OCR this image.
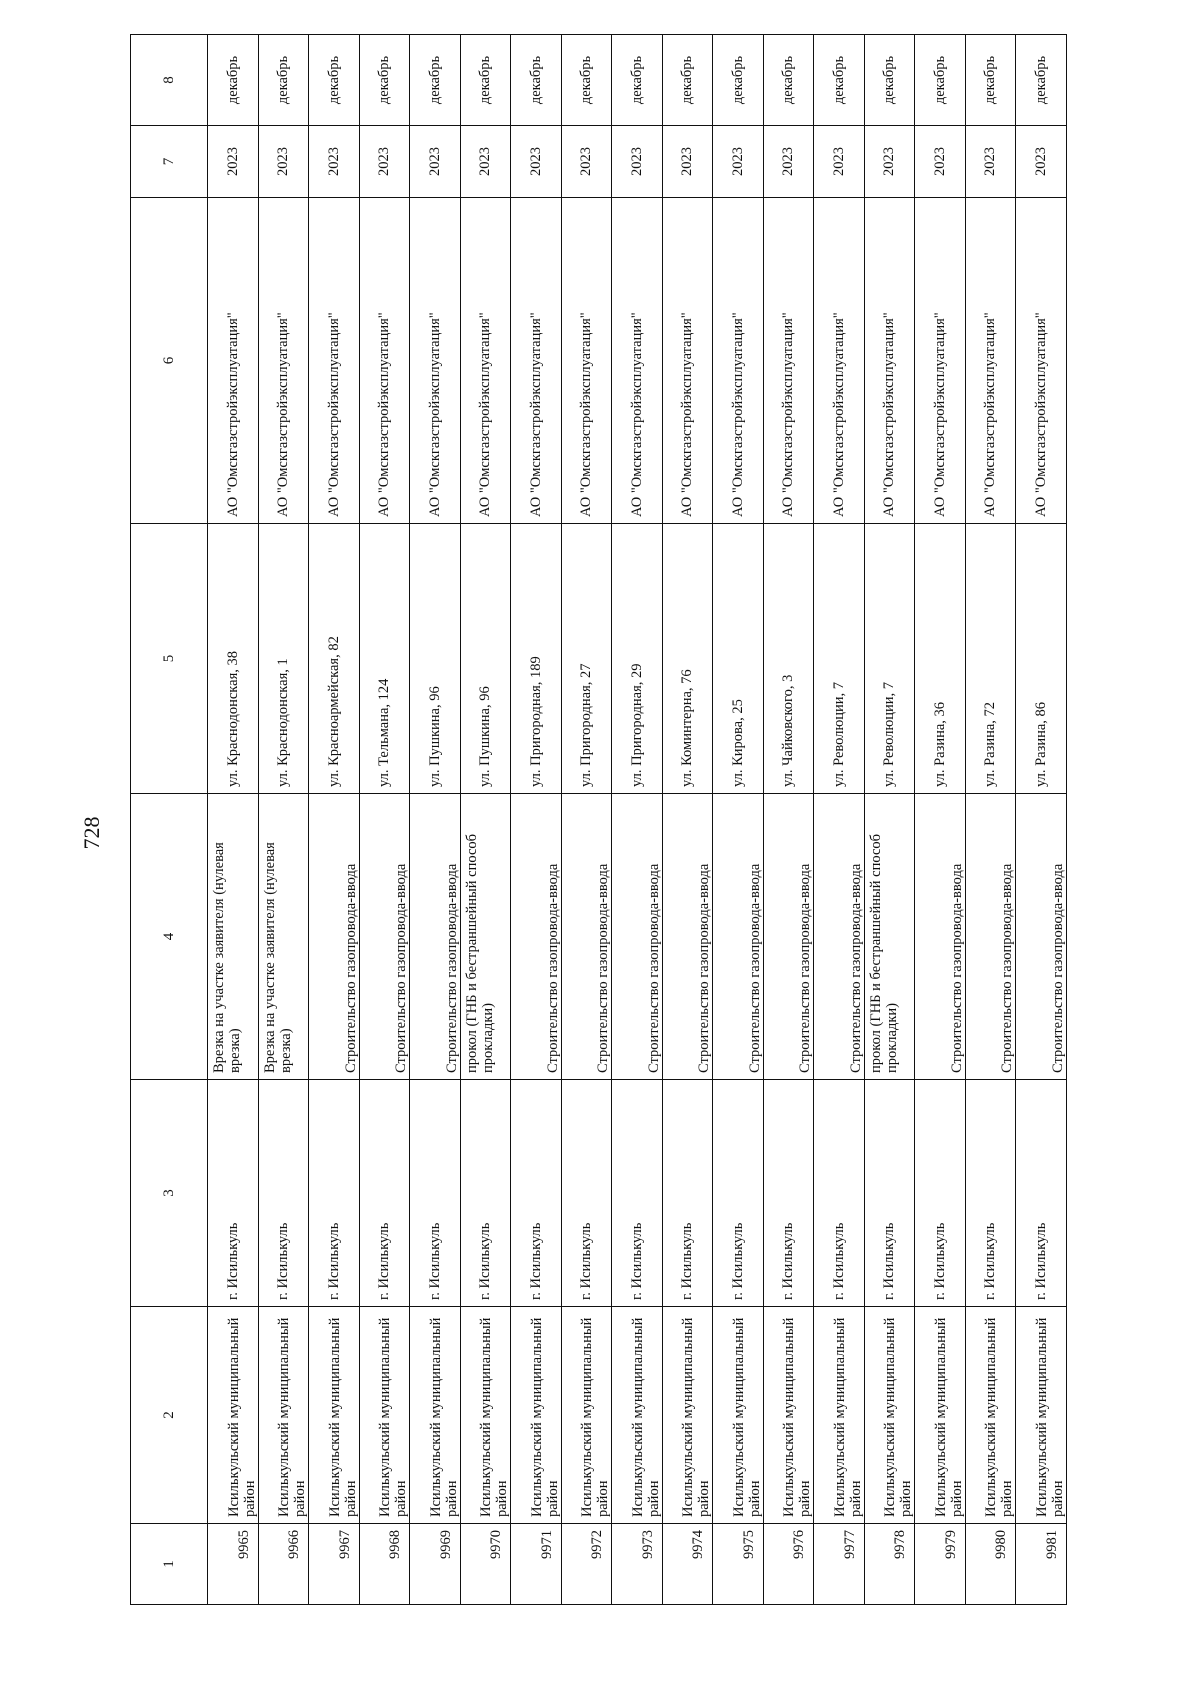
728
1	2	3	4	5	6	7	8
9965	Исилькульский муниципальный район	г. Исилькуль	Врезка на участке заявителя (нулевая врезка)	ул. Краснодонская, 38	АО "Омскгазстройэксплуатация"	2023	декабрь
9966	Исилькульский муниципальный район	г. Исилькуль	Врезка на участке заявителя (нулевая врезка)	ул. Краснодонская, 1	АО "Омскгазстройэксплуатация"	2023	декабрь
9967	Исилькульский муниципальный район	г. Исилькуль	Строительство газопровода-ввода	ул. Красноармейская, 82	АО "Омскгазстройэксплуатация"	2023	декабрь
9968	Исилькульский муниципальный район	г. Исилькуль	Строительство газопровода-ввода	ул. Тельмана, 124	АО "Омскгазстройэксплуатация"	2023	декабрь
9969	Исилькульский муниципальный район	г. Исилькуль	Строительство газопровода-ввода	ул. Пушкина, 96	АО "Омскгазстройэксплуатация"	2023	декабрь
9970	Исилькульский муниципальный район	г. Исилькуль	прокол (ГНБ и бестраншейный способ прокладки)	ул. Пушкина, 96	АО "Омскгазстройэксплуатация"	2023	декабрь
9971	Исилькульский муниципальный район	г. Исилькуль	Строительство газопровода-ввода	ул. Пригородная, 189	АО "Омскгазстройэксплуатация"	2023	декабрь
9972	Исилькульский муниципальный район	г. Исилькуль	Строительство газопровода-ввода	ул. Пригородная, 27	АО "Омскгазстройэксплуатация"	2023	декабрь
9973	Исилькульский муниципальный район	г. Исилькуль	Строительство газопровода-ввода	ул. Пригородная, 29	АО "Омскгазстройэксплуатация"	2023	декабрь
9974	Исилькульский муниципальный район	г. Исилькуль	Строительство газопровода-ввода	ул. Коминтерна, 76	АО "Омскгазстройэксплуатация"	2023	декабрь
9975	Исилькульский муниципальный район	г. Исилькуль	Строительство газопровода-ввода	ул. Кирова, 25	АО "Омскгазстройэксплуатация"	2023	декабрь
9976	Исилькульский муниципальный район	г. Исилькуль	Строительство газопровода-ввода	ул. Чайковского, 3	АО "Омскгазстройэксплуатация"	2023	декабрь
9977	Исилькульский муниципальный район	г. Исилькуль	Строительство газопровода-ввода	ул. Революции, 7	АО "Омскгазстройэксплуатация"	2023	декабрь
9978	Исилькульский муниципальный район	г. Исилькуль	прокол (ГНБ и бестраншейный способ прокладки)	ул. Революции, 7	АО "Омскгазстройэксплуатация"	2023	декабрь
9979	Исилькульский муниципальный район	г. Исилькуль	Строительство газопровода-ввода	ул. Разина, 36	АО "Омскгазстройэксплуатация"	2023	декабрь
9980	Исилькульский муниципальный район	г. Исилькуль	Строительство газопровода-ввода	ул. Разина, 72	АО "Омскгазстройэксплуатация"	2023	декабрь
9981	Исилькульский муниципальный район	г. Исилькуль	Строительство газопровода-ввода	ул. Разина, 86	АО "Омскгазстройэксплуатация"	2023	декабрь
